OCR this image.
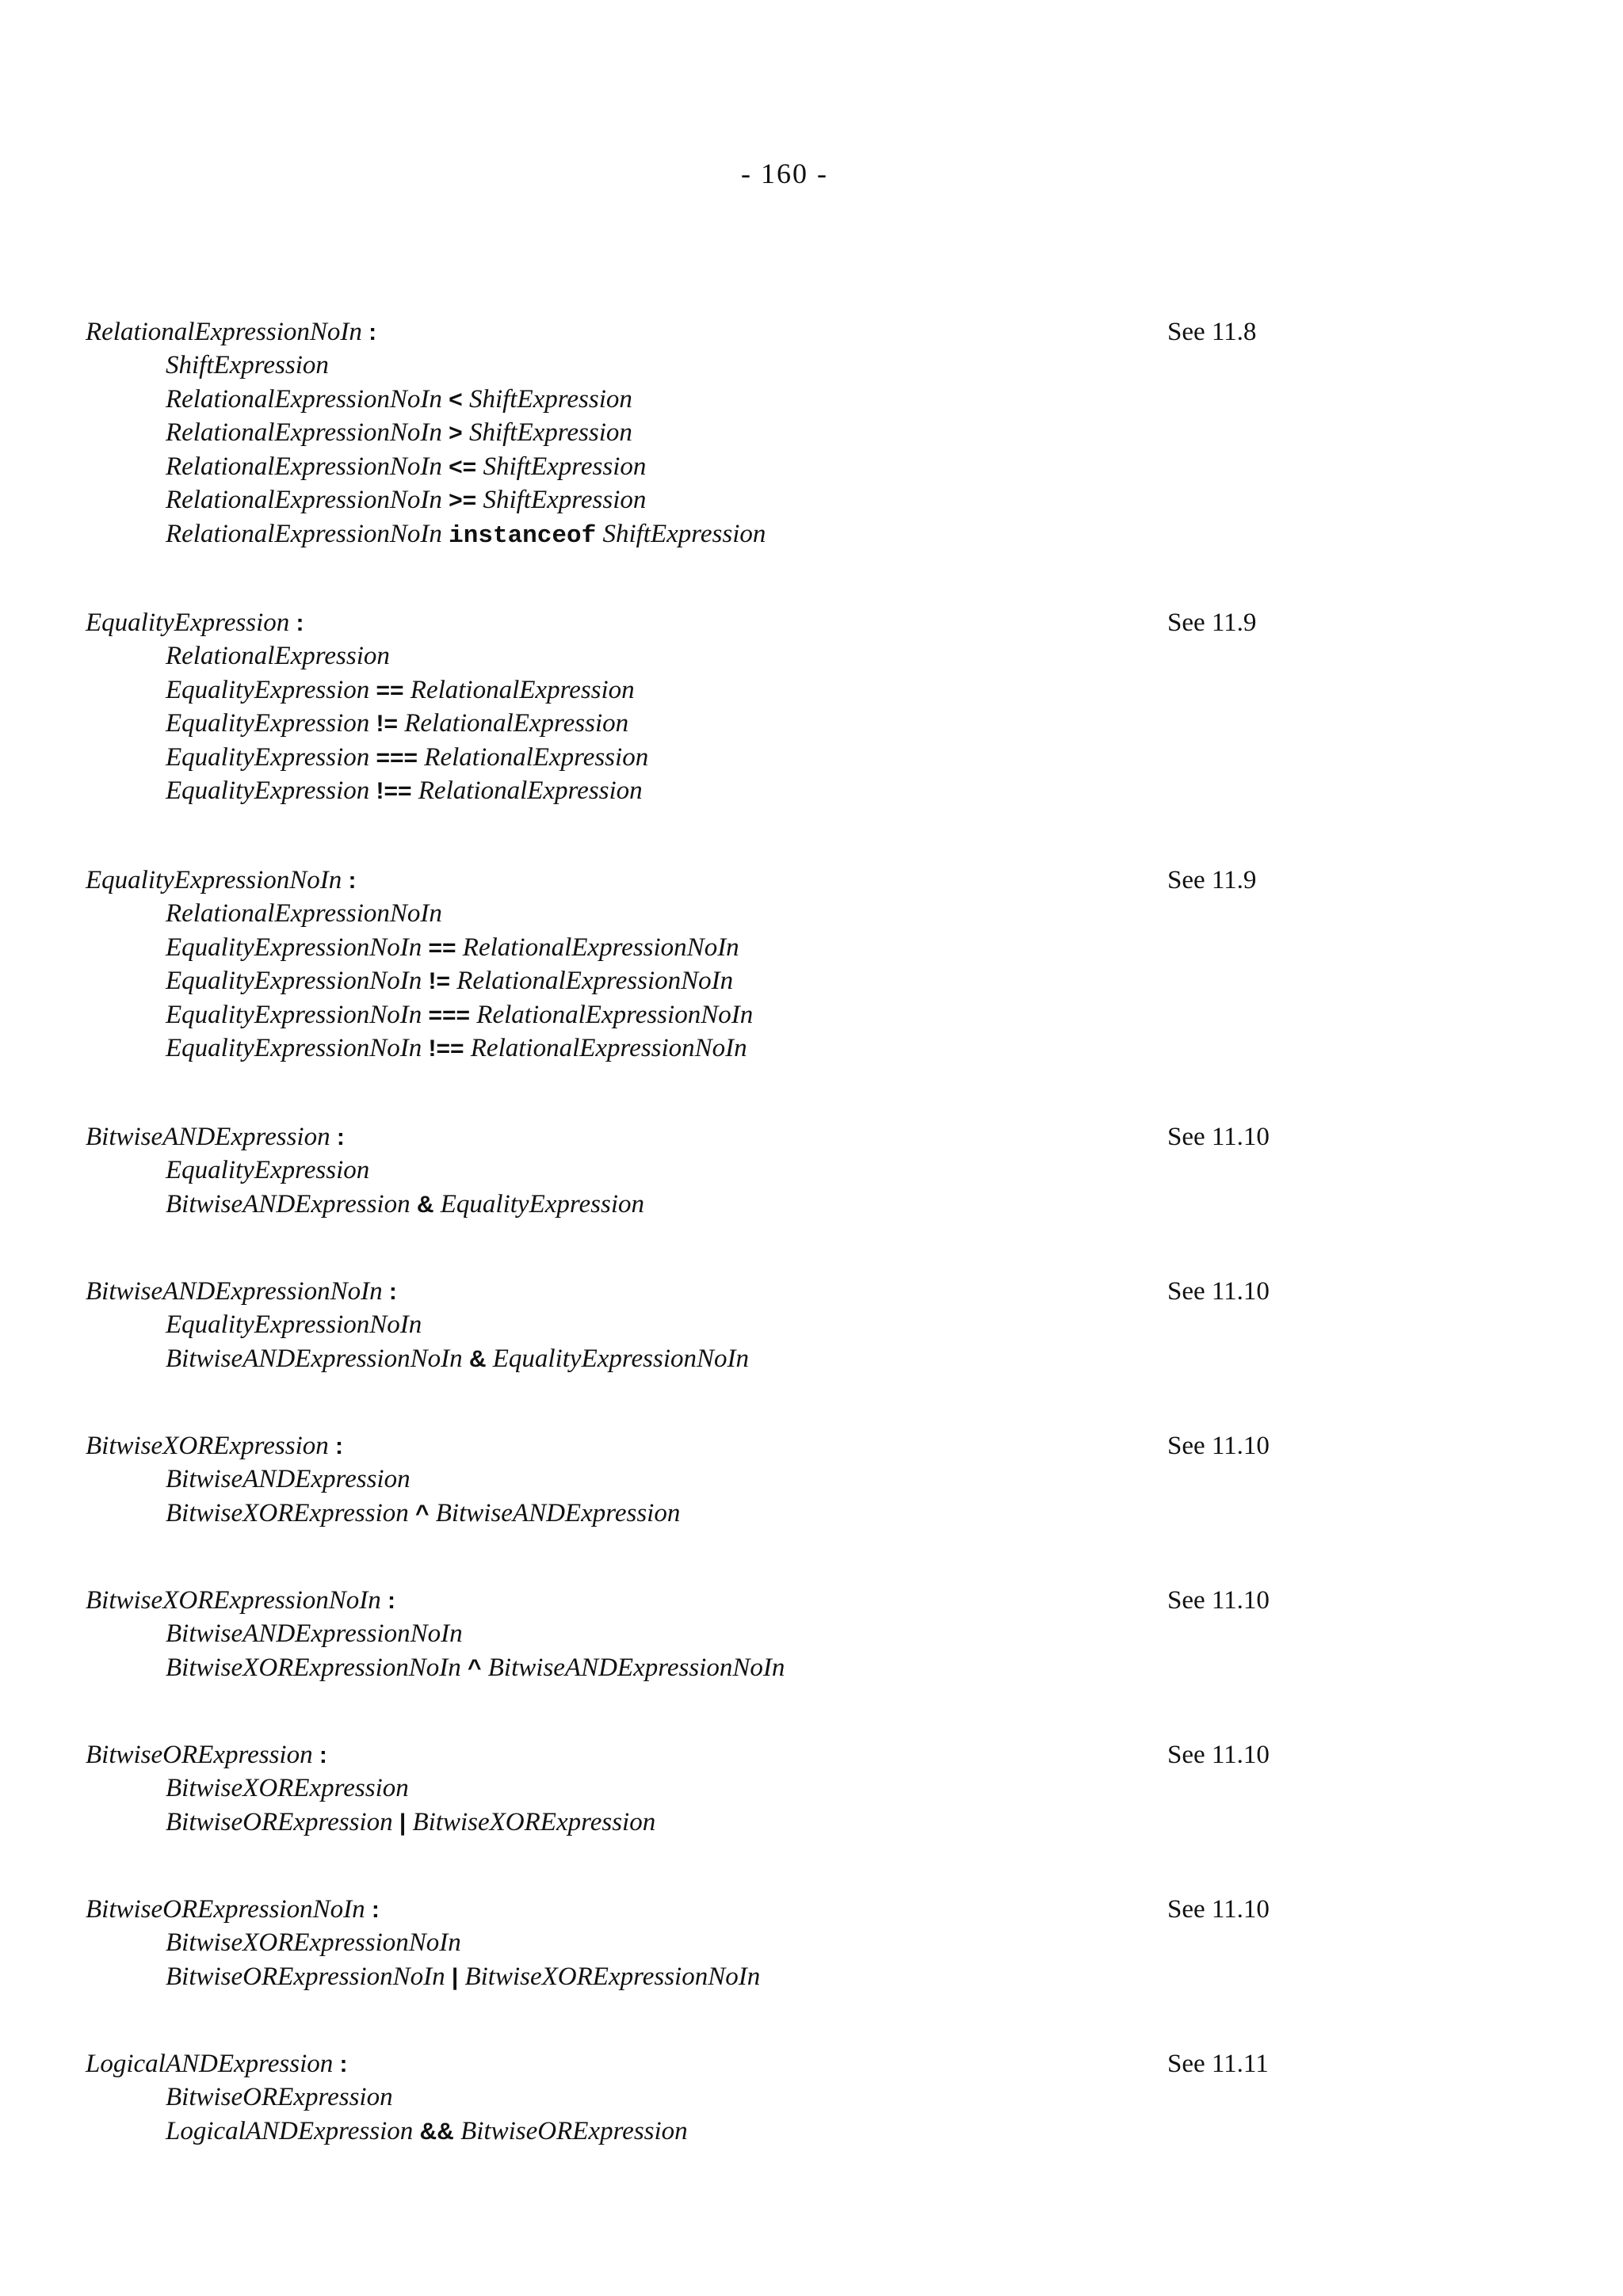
- 160 -
RelationalExpressionNoIn :	See 11.8
ShiftExpression
RelationalExpressionNoIn < ShiftExpression
RelationalExpressionNoIn > ShiftExpression
RelationalExpressionNoIn <= ShiftExpression
RelationalExpressionNoIn >= ShiftExpression
RelationalExpressionNoIn instanceof ShiftExpression
EqualityExpression :	See 11.9
RelationalExpression
EqualityExpression == RelationalExpression
EqualityExpression != RelationalExpression
EqualityExpression === RelationalExpression
EqualityExpression !== RelationalExpression
EqualityExpressionNoIn :	See 11.9
RelationalExpressionNoIn
EqualityExpressionNoIn == RelationalExpressionNoIn
EqualityExpressionNoIn != RelationalExpressionNoIn
EqualityExpressionNoIn === RelationalExpressionNoIn
EqualityExpressionNoIn !== RelationalExpressionNoIn
BitwiseANDExpression :	See 11.10
EqualityExpression
BitwiseANDExpression & EqualityExpression
BitwiseANDExpressionNoIn :	See 11.10
EqualityExpressionNoIn
BitwiseANDExpressionNoIn & EqualityExpressionNoIn
BitwiseXORExpression :	See 11.10
BitwiseANDExpression
BitwiseXORExpression ^ BitwiseANDExpression
BitwiseXORExpressionNoIn :	See 11.10
BitwiseANDExpressionNoIn
BitwiseXORExpressionNoIn ^ BitwiseANDExpressionNoIn
BitwiseORExpression :	See 11.10
BitwiseXORExpression
BitwiseORExpression | BitwiseXORExpression
BitwiseORExpressionNoIn :	See 11.10
BitwiseXORExpressionNoIn
BitwiseORExpressionNoIn | BitwiseXORExpressionNoIn
LogicalANDExpression :	See 11.11
BitwiseORExpression
LogicalANDExpression && BitwiseORExpression
